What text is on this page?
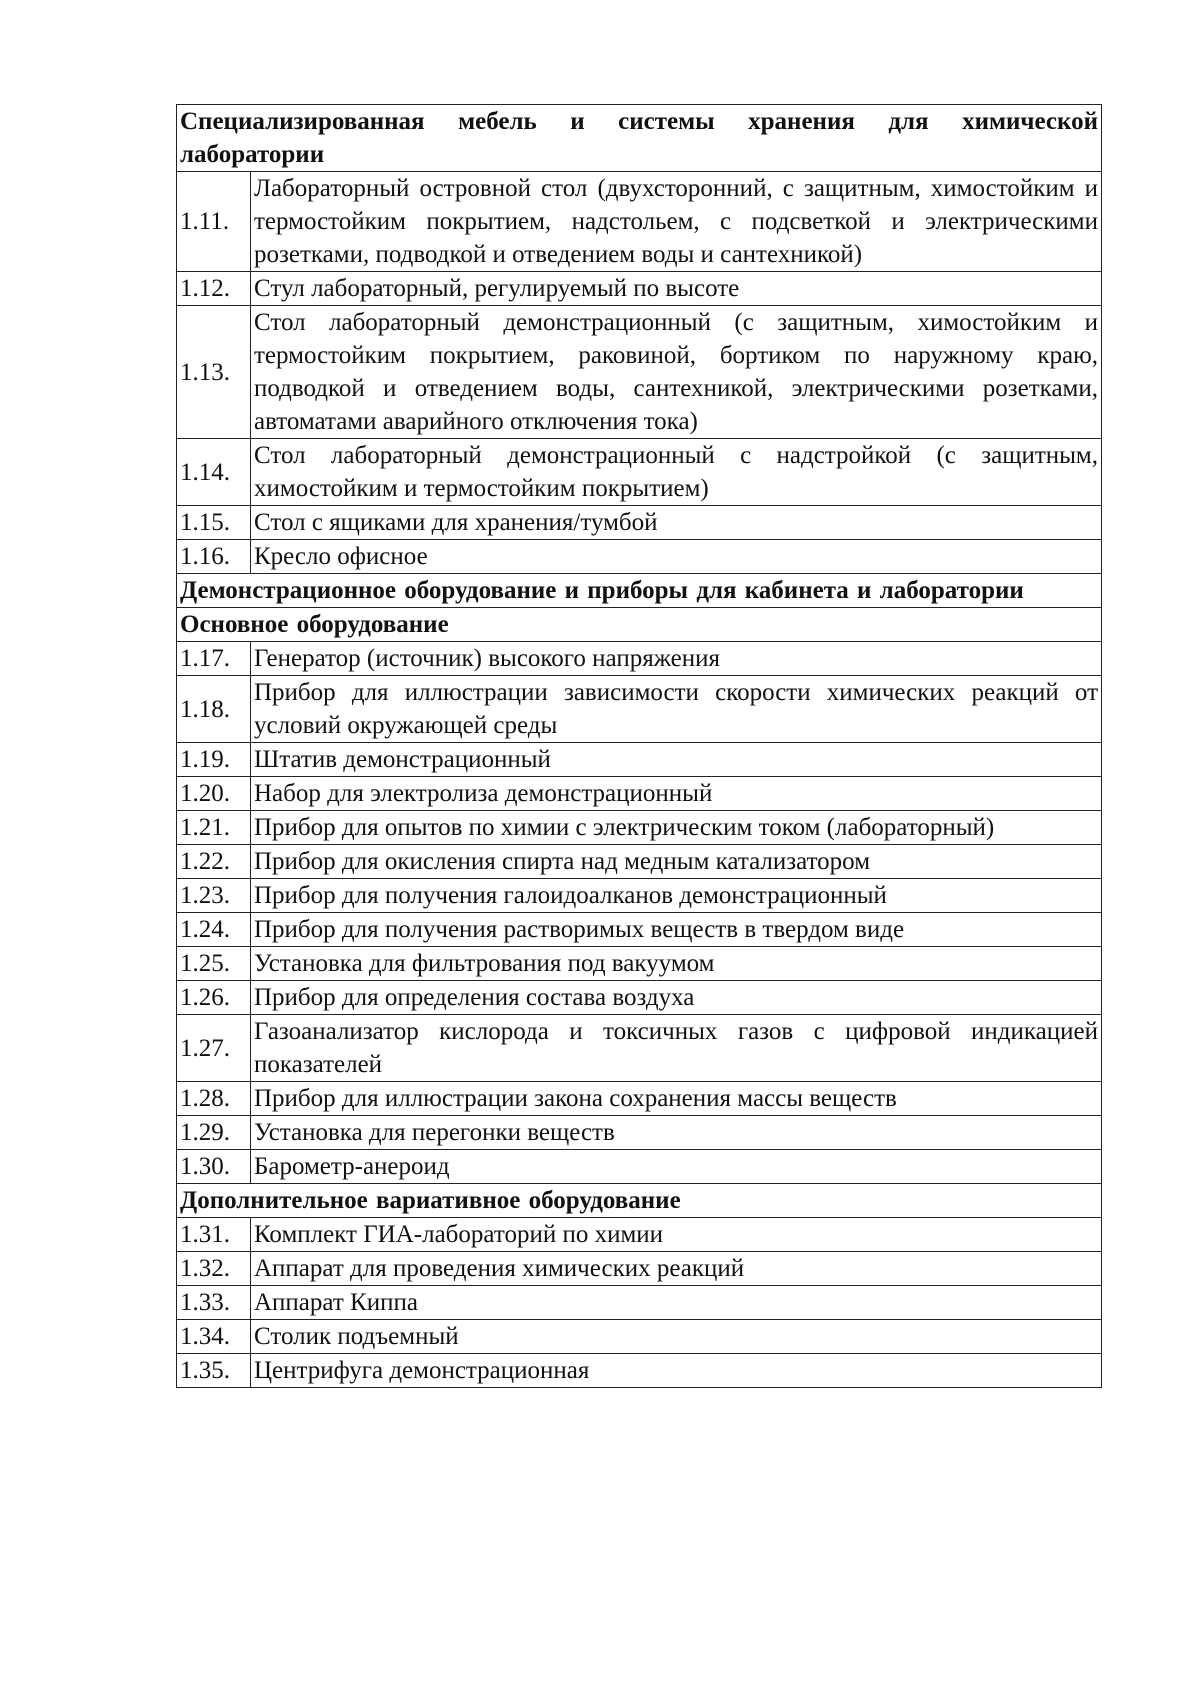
Специализированная мебель и системы хранения для химической лаборатории	
1.11.	Лабораторный островной стол (двухсторонний, с защитным, химостойким и термостойким покрытием, надстольем, с подсветкой и электрическими розетками, подводкой и отведением воды и сантехникой)
1.12.	Стул лабораторный, регулируемый по высоте
1.13.	Стол лабораторный демонстрационный (с защитным, химостойким и термостойким покрытием, раковиной, бортиком по наружному краю, подводкой и отведением воды, сантехникой, электрическими розетками, автоматами аварийного отключения тока)
1.14.	Стол лабораторный демонстрационный с надстройкой (с защитным, химостойким и термостойким покрытием)
1.15.	Стол с ящиками для хранения/тумбой
1.16.	Кресло офисное
Демонстрационное оборудование и приборы для кабинета и лаборатории	
Основное оборудование	
1.17.	Генератор (источник) высокого напряжения
1.18.	Прибор для иллюстрации зависимости скорости химических реакций от условий окружающей среды
1.19.	Штатив демонстрационный
1.20.	Набор для электролиза демонстрационный
1.21.	Прибор для опытов по химии с электрическим током (лабораторный)
1.22.	Прибор для окисления спирта над медным катализатором
1.23.	Прибор для получения галоидоалканов демонстрационный
1.24.	Прибор для получения растворимых веществ в твердом виде
1.25.	Установка для фильтрования под вакуумом
1.26.	Прибор для определения состава воздуха
1.27.	Газоанализатор кислорода и токсичных газов с цифровой индикацией показателей
1.28.	Прибор для иллюстрации закона сохранения массы веществ
1.29.	Установка для перегонки веществ
1.30.	Барометр-анероид
Дополнительное вариативное оборудование	
1.31.	Комплект ГИА-лабораторий по химии
1.32.	Аппарат для проведения химических реакций
1.33.	Аппарат Киппа
1.34.	Столик подъемный
1.35.	Центрифуга демонстрационная
